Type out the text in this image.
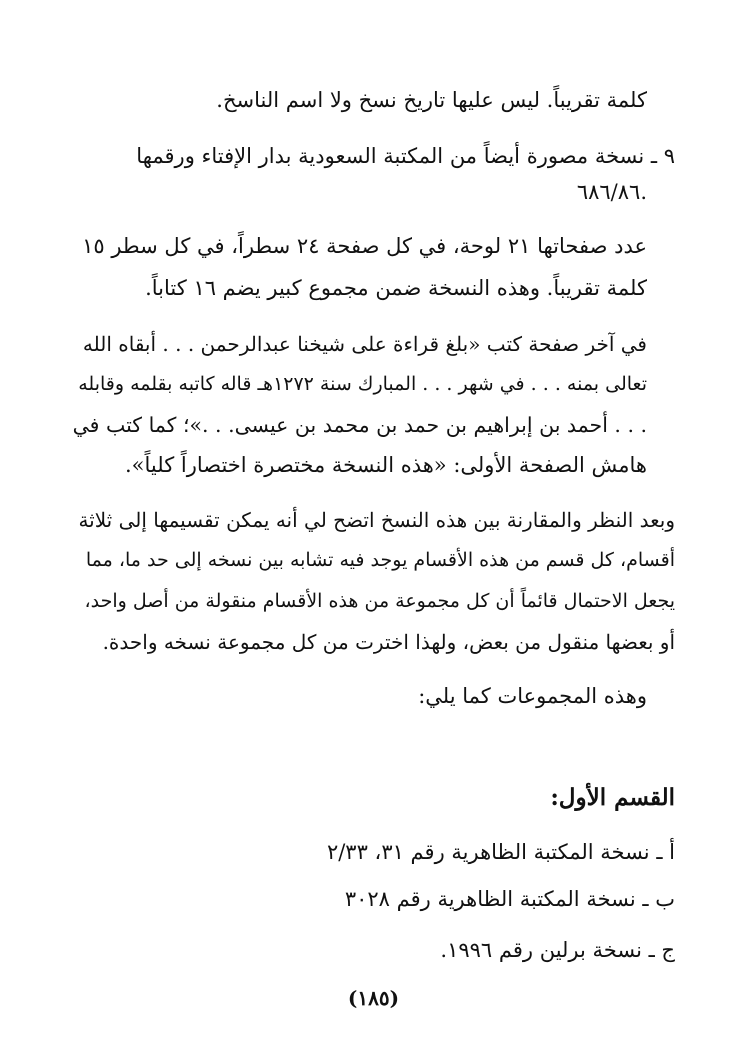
كلمة تقريباً. ليس عليها تاريخ نسخ ولا اسم الناسخ.
٩ ـ نسخة مصورة أيضاً من المكتبة السعودية بدار الإفتاء ورقمها
٦٨٦/٨٦.
عدد صفحاتها ٢١ لوحة، في كل صفحة ٢٤ سطراً، في كل سطر ١٥
كلمة تقريباً. وهذه النسخة ضمن مجموع كبير يضم ١٦ كتاباً.
في آخر صفحة كتب «بلغ قراءة على شيخنا عبدالرحمن . . . أبقاه الله
تعالى بمنه . . . في شهر . . . المبارك سنة ١٢٧٢هـ قاله كاتبه بقلمه وقابله
. . . أحمد بن إبراهيم بن حمد بن محمد بن عيسى. . .»؛ كما كتب في
هامش الصفحة الأولى: «هذه النسخة مختصرة اختصاراً كلياً».
وبعد النظر والمقارنة بين هذه النسخ اتضح لي أنه يمكن تقسيمها إلى ثلاثة
أقسام، كل قسم من هذه الأقسام يوجد فيه تشابه بين نسخه إلى حد ما، مما
يجعل الاحتمال قائماً أن كل مجموعة من هذه الأقسام منقولة من أصل واحد،
أو بعضها منقول من بعض، ولهذا اخترت من كل مجموعة نسخه واحدة.
وهذه المجموعات كما يلي:
القسم الأول:
أ ـ نسخة المكتبة الظاهرية رقم ٣١، ٢/٣٣
ب ـ نسخة المكتبة الظاهرية رقم ٣٠٢٨
ج ـ نسخة برلين رقم ١٩٩٦.
(١٨٥)
